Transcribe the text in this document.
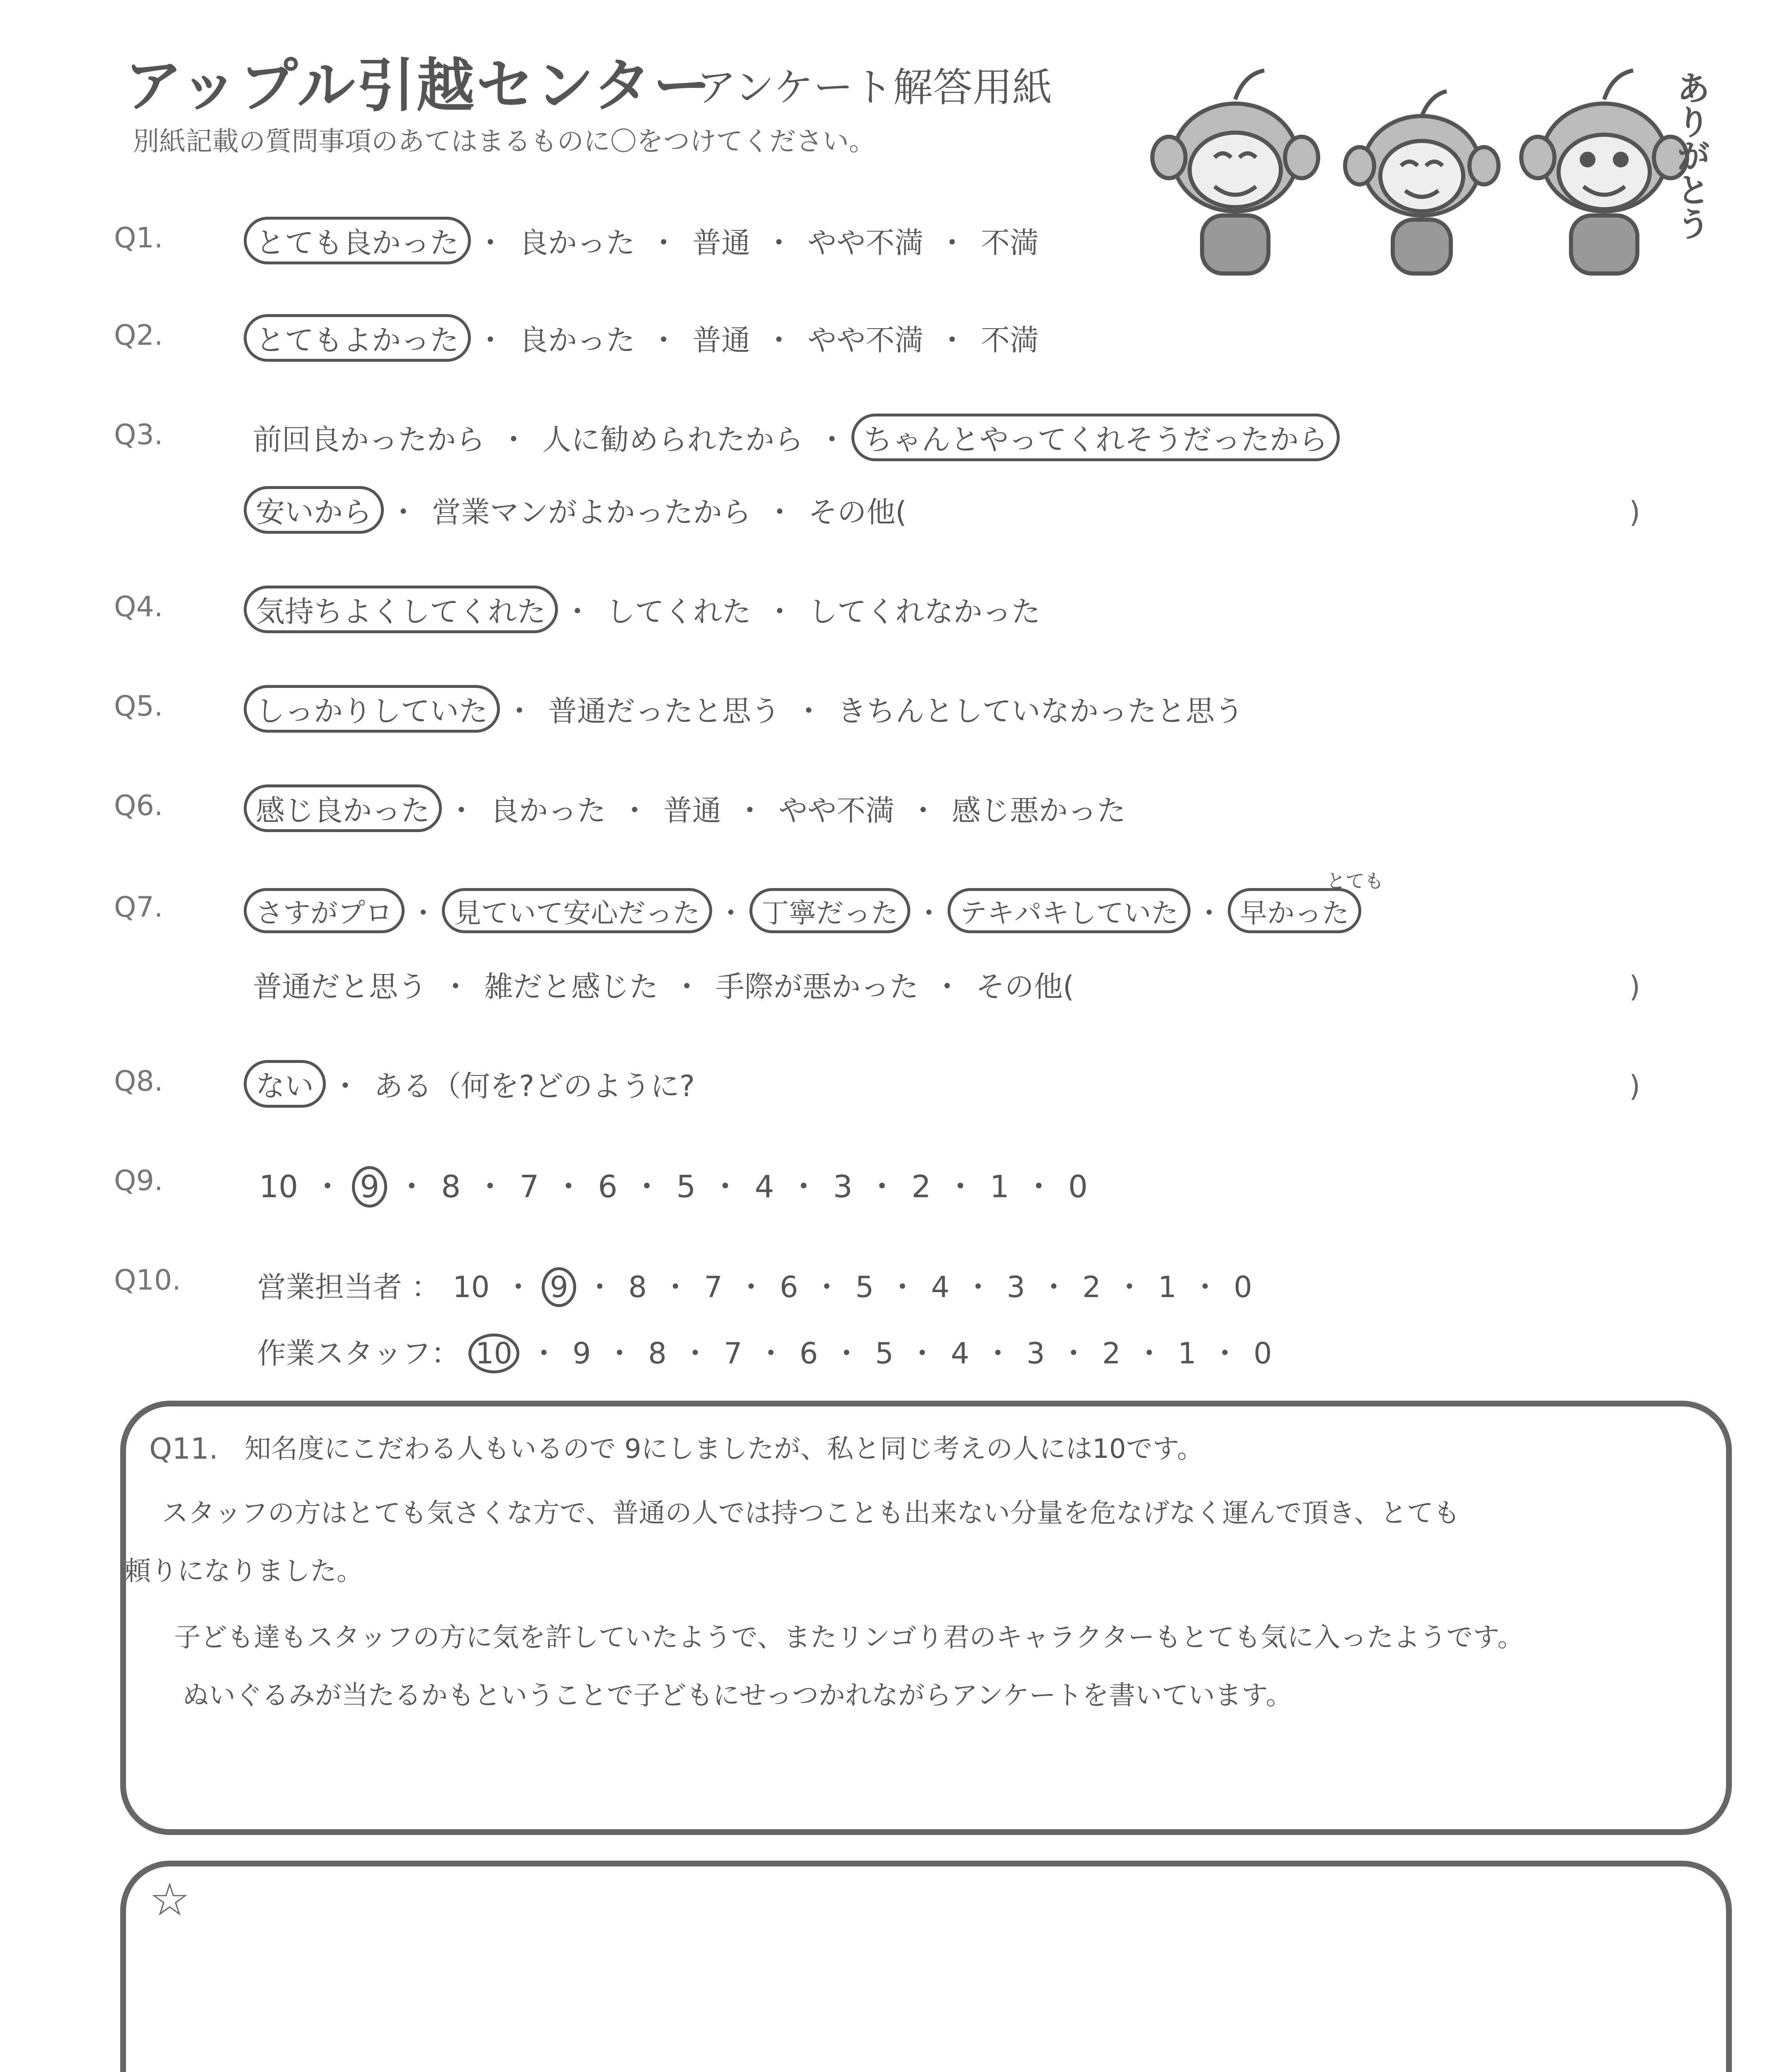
アップル引越センター
アンケート解答用紙
別紙記載の質問事項のあてはまるものに〇をつけてください。	ありがとう
Q1.	とても良かった ・ 良かった ・ 普通 ・ やや不満 ・ 不満
Q2.	とてもよかった ・ 良かった ・ 普通 ・ やや不満 ・ 不満
Q3.	前回良かったから ・ 人に勧められたから ・ ちゃんとやってくれそうだったから
安いから ・ 営業マンがよかったから ・ その他(	)
Q4.	気持ちよくしてくれた ・ してくれた ・ してくれなかった
Q5.	しっかりしていた ・ 普通だったと思う ・ きちんとしていなかったと思う
Q6.	感じ良かった ・ 良かった ・ 普通 ・ やや不満 ・ 感じ悪かった
Q7.	さすがプロ ・ 見ていて安心だった ・ 丁寧だった ・ テキパキしていた ・ 早かった
とても
普通だと思う ・ 雑だと感じた ・ 手際が悪かった ・ その他(	)
Q8.	ない ・ ある（何を?どのように?	)
Q9.	10 ・ 9 ・ 8 ・ 7 ・ 6 ・ 5 ・ 4 ・ 3 ・ 2 ・ 1 ・ 0
Q10.	営業担当者 ： 10 ・ 9 ・ 8 ・ 7 ・ 6 ・ 5 ・ 4 ・ 3 ・ 2 ・ 1 ・ 0
作業スタッフ： 10 ・ 9 ・ 8 ・ 7 ・ 6 ・ 5 ・ 4 ・ 3 ・ 2 ・ 1 ・ 0
Q11. 知名度にこだわる人もいるので 9にしましたが、私と同じ考えの人には10です。
スタッフの方はとても気さくな方で、普通の人では持つことも出来ない分量を危なげなく運んで頂き、とても
頼りになりました。
子ども達もスタッフの方に気を許していたようで、またリンゴり君のキャラクターもとても気に入ったようです。
ぬいぐるみが当たるかもということで子どもにせっつかれながらアンケートを書いています。
☆
